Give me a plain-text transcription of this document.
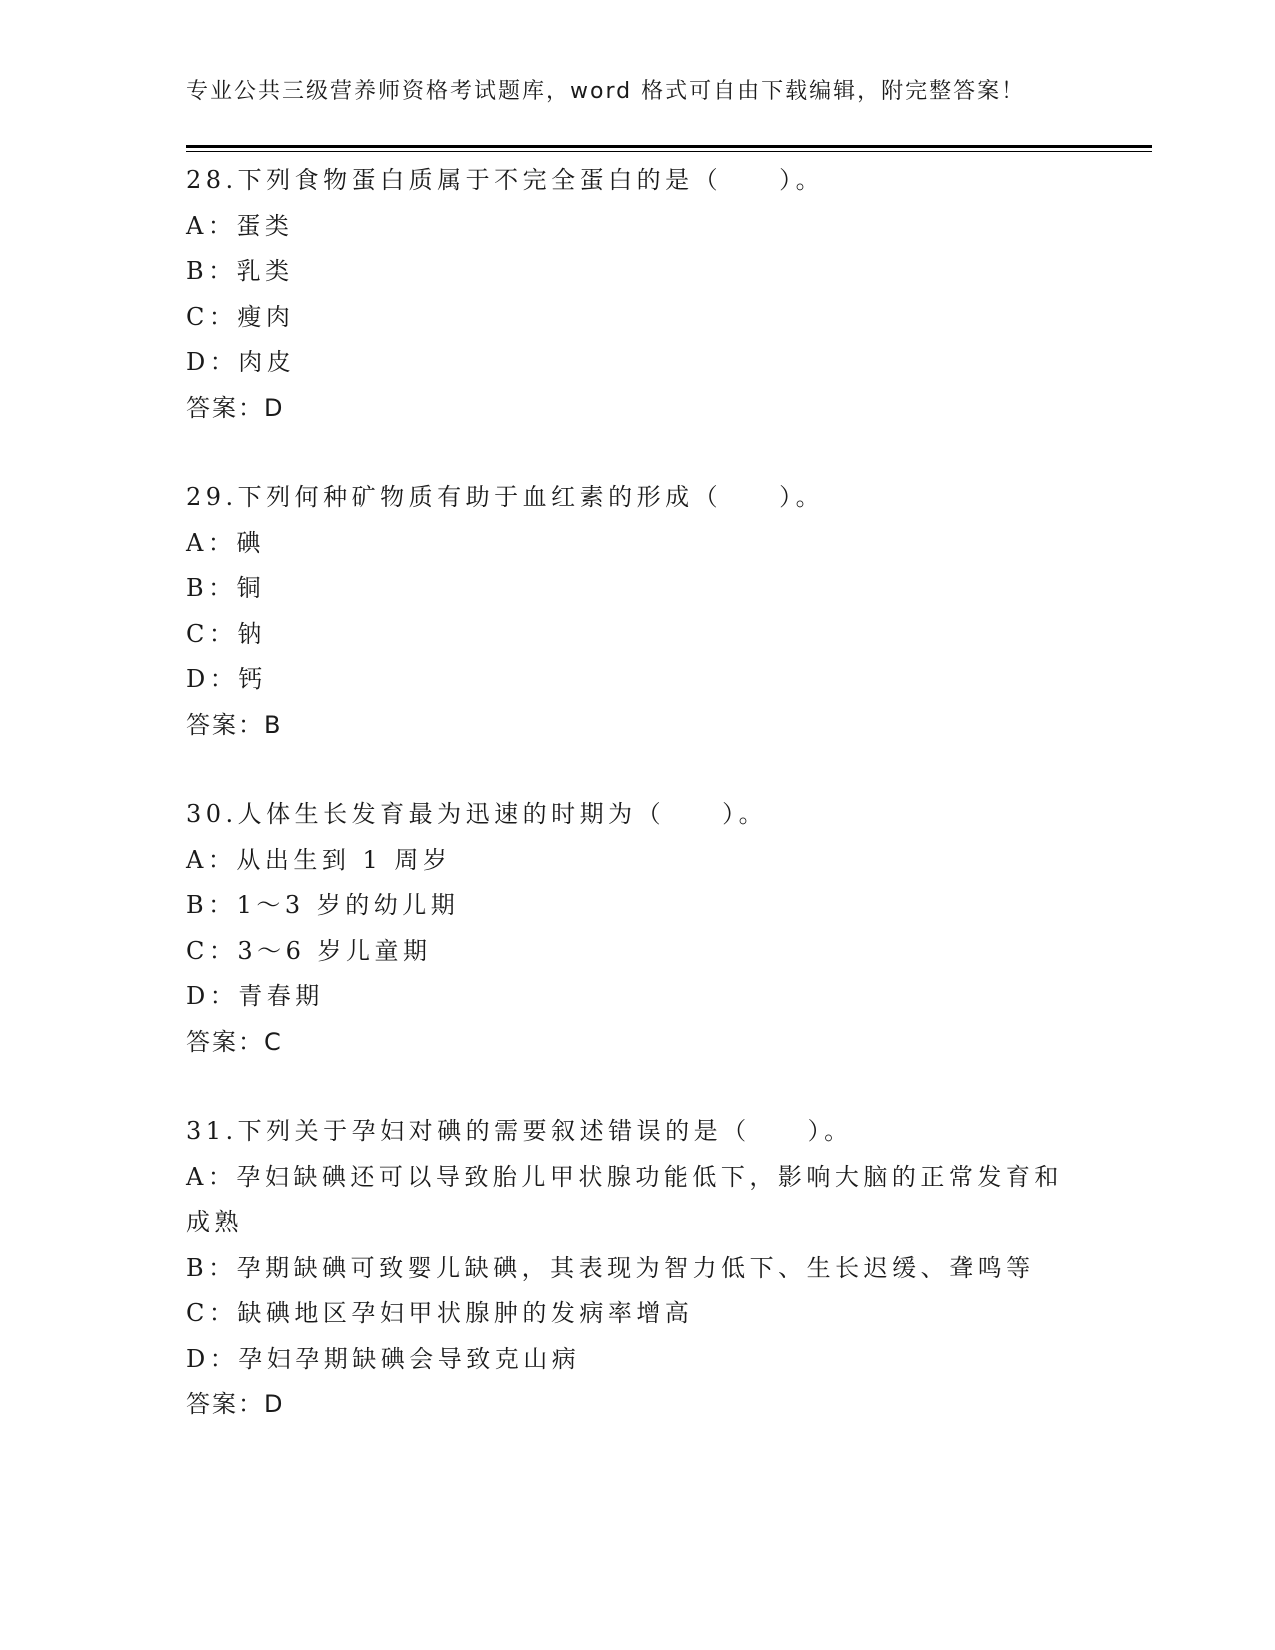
专业公共三级营养师资格考试题库，word 格式可自由下载编辑，附完整答案！
28.下列食物蛋白质属于不完全蛋白的是（　　）。
A：蛋类
B：乳类
C：瘦肉
D：肉皮
答案：D
29.下列何种矿物质有助于血红素的形成（　　）。
A：碘
B：铜
C：钠
D：钙
答案：B
30.人体生长发育最为迅速的时期为（　　）。
A：从出生到 1 周岁
B：1～3 岁的幼儿期
C：3～6 岁儿童期
D：青春期
答案：C
31.下列关于孕妇对碘的需要叙述错误的是（　　）。
A：孕妇缺碘还可以导致胎儿甲状腺功能低下，影响大脑的正常发育和成熟
B：孕期缺碘可致婴儿缺碘，其表现为智力低下、生长迟缓、聋鸣等
C：缺碘地区孕妇甲状腺肿的发病率增高
D：孕妇孕期缺碘会导致克山病
答案：D
